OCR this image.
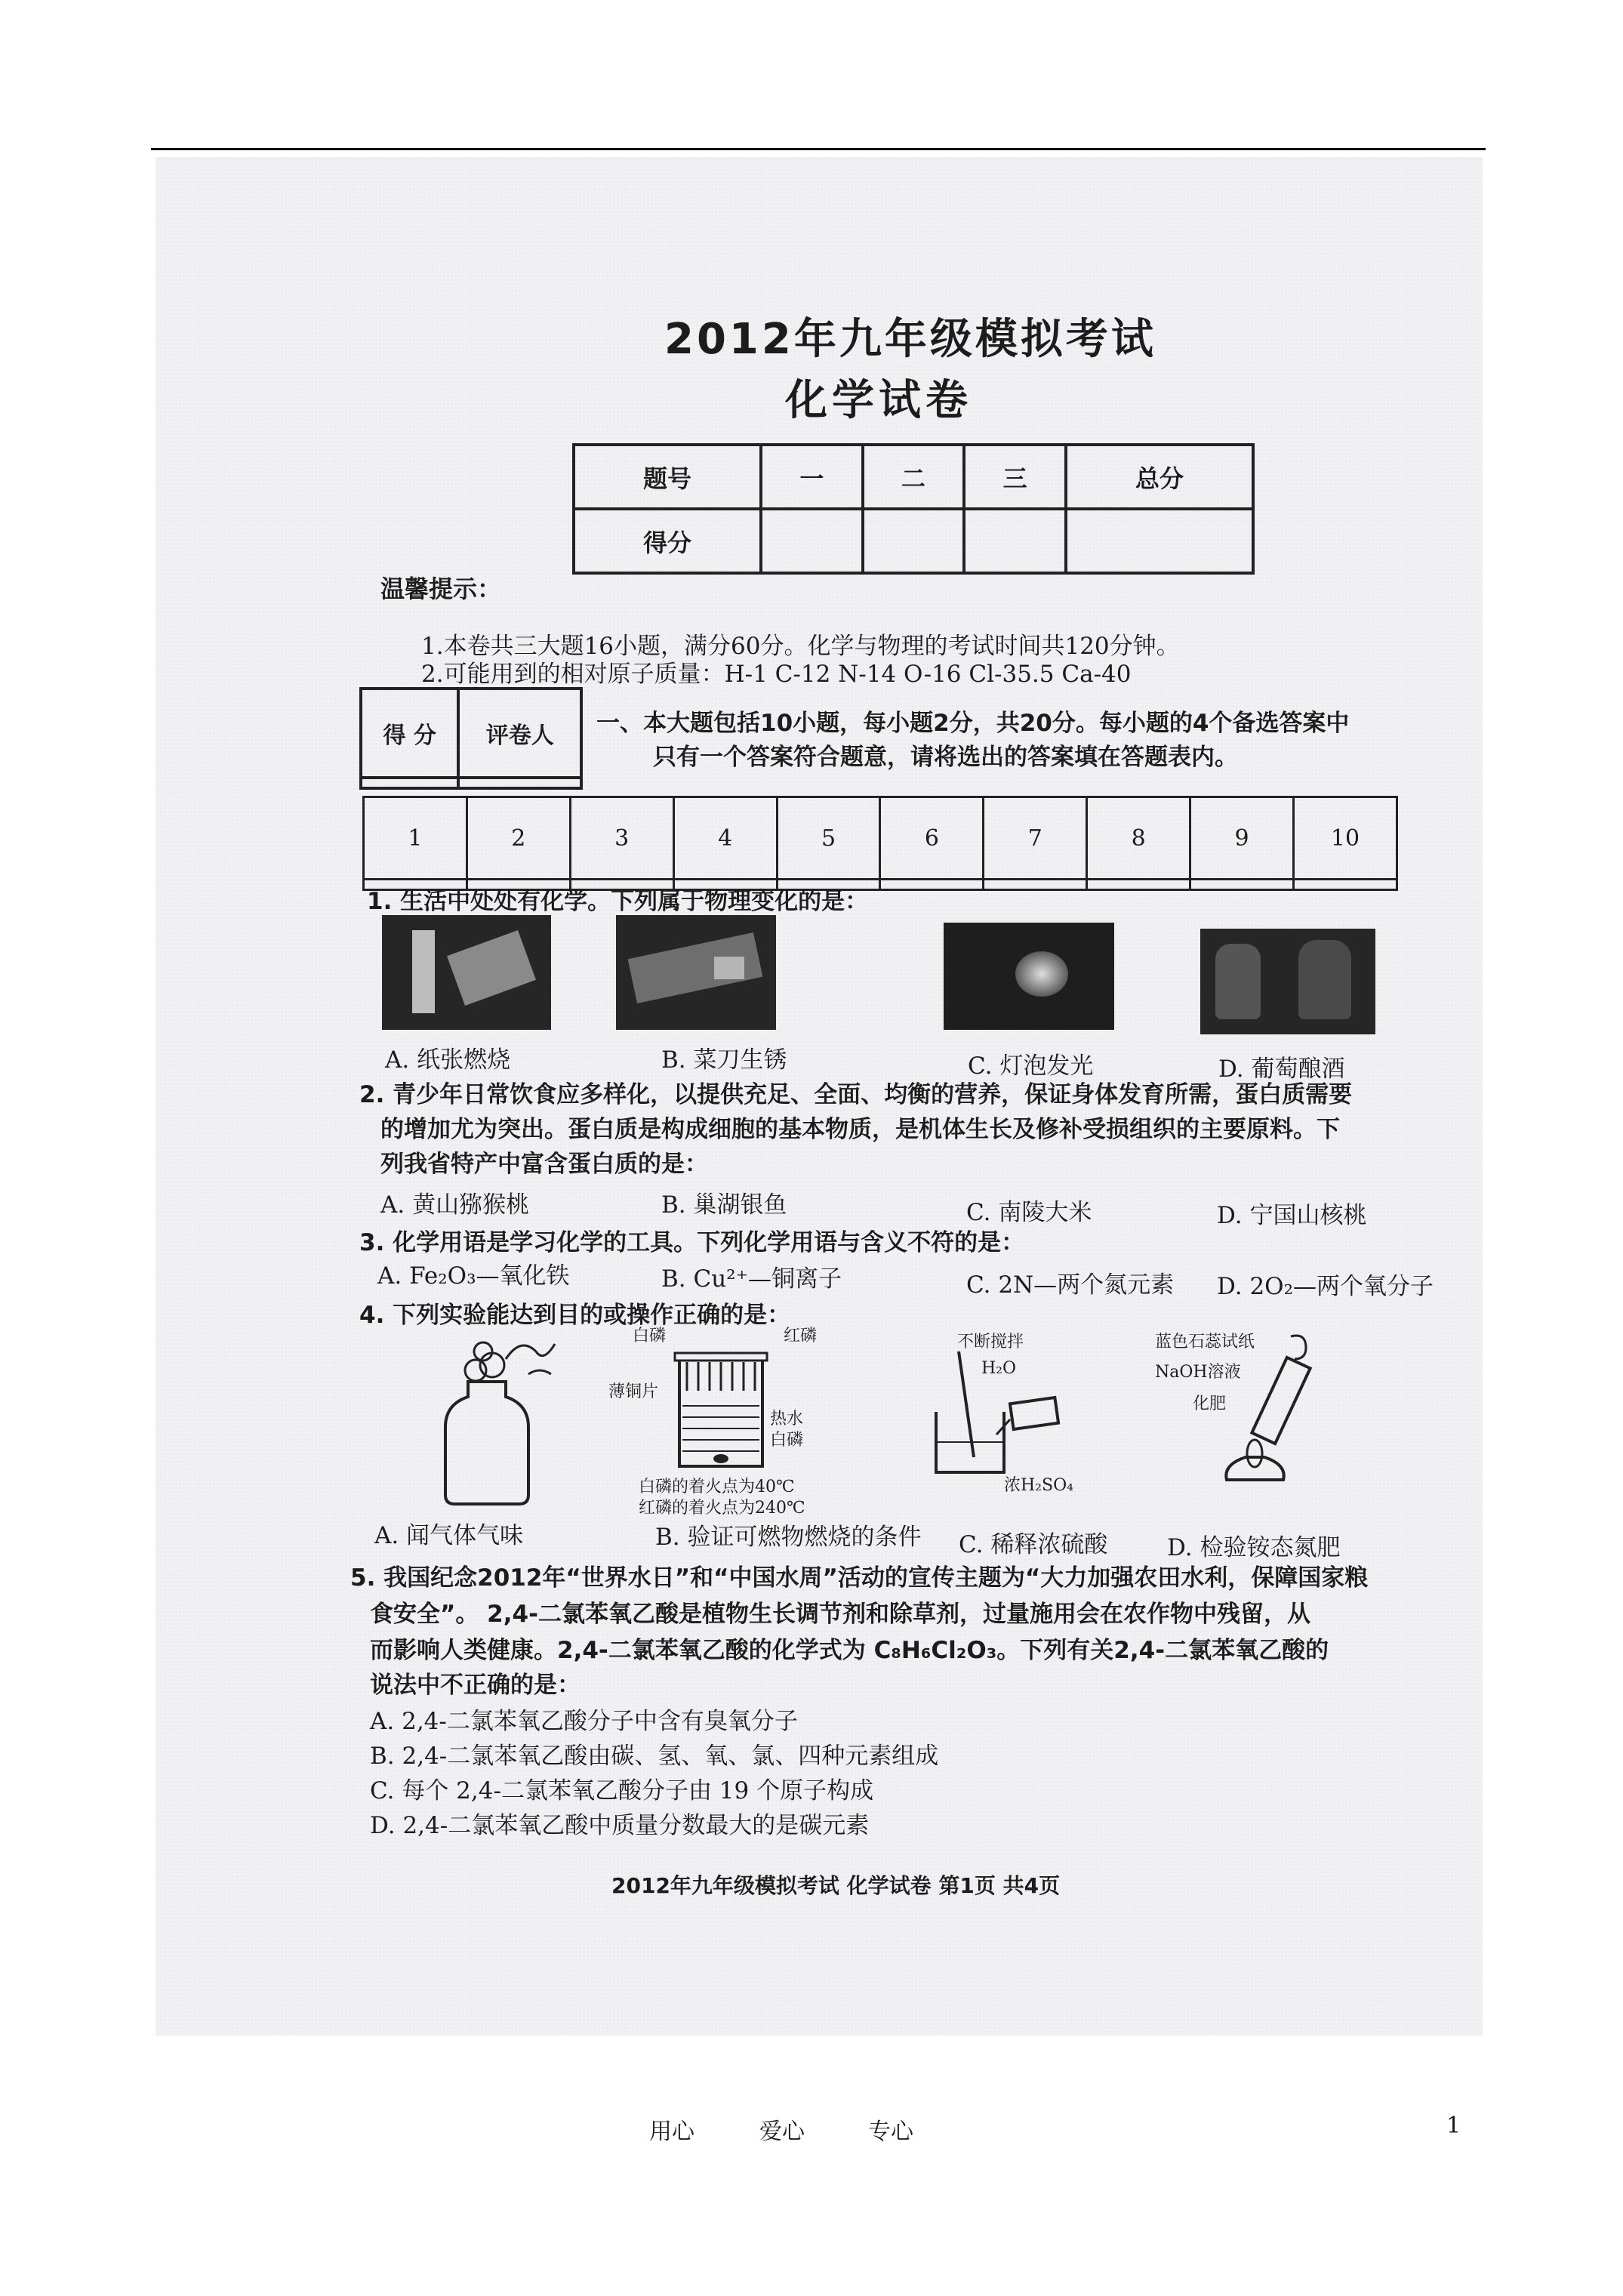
2012年九年级模拟考试
化学试卷
题号	一	二	三	总分
得分				
温馨提示：
1.本卷共三大题16小题，满分60分。化学与物理的考试时间共120分钟。
2.可能用到的相对原子质量：H-1 C-12 N-14 O-16 Cl-35.5 Ca-40
得 分	评卷人
	一、本大题包括10小题，每小题2分，共20分。每小题的4个备选答案中
只有一个答案符合题意，请将选出的答案填在答题表内。
1	2	3	4	5	6	7	8	9	10

1. 生活中处处有化学。下列属于物理变化的是：
A. 纸张燃烧	B. 菜刀生锈	C. 灯泡发光	D. 葡萄酿酒
2. 青少年日常饮食应多样化，以提供充足、全面、均衡的营养，保证身体发育所需，蛋白质需要
的增加尤为突出。蛋白质是构成细胞的基本物质，是机体生长及修补受损组织的主要原料。下
列我省特产中富含蛋白质的是：
A. 黄山猕猴桃	B. 巢湖银鱼	C. 南陵大米	D. 宁国山核桃
3. 化学用语是学习化学的工具。下列化学用语与含义不符的是：
A. Fe₂O₃—氧化铁	B. Cu²⁺—铜离子	C. 2N—两个氮元素 D. 2O₂—两个氧分子
4. 下列实验能达到目的或操作正确的是：
白磷	红磷
薄铜片
热水
白磷
白磷的着火点为40℃
红磷的着火点为240℃
不断搅拌
H₂O
浓H₂SO₄
蓝色石蕊试纸
NaOH溶液
化肥
A. 闻气体气味	B. 验证可燃物燃烧的条件 C. 稀释浓硫酸	D. 检验铵态氮肥
5. 我国纪念2012年“世界水日”和“中国水周”活动的宣传主题为“大力加强农田水利，保障国家粮
食安全”。 2,4-二氯苯氧乙酸是植物生长调节剂和除草剂，过量施用会在农作物中残留，从
而影响人类健康。2,4-二氯苯氧乙酸的化学式为 C₈H₆Cl₂O₃。下列有关2,4-二氯苯氧乙酸的
说法中不正确的是：
A. 2,4-二氯苯氧乙酸分子中含有臭氧分子
B. 2,4-二氯苯氧乙酸由碳、氢、氧、氯、四种元素组成
C. 每个 2,4-二氯苯氧乙酸分子由 19 个原子构成
D. 2,4-二氯苯氧乙酸中质量分数最大的是碳元素
2012年九年级模拟考试 化学试卷 第1页 共4页
用心	爱心	专心	1
